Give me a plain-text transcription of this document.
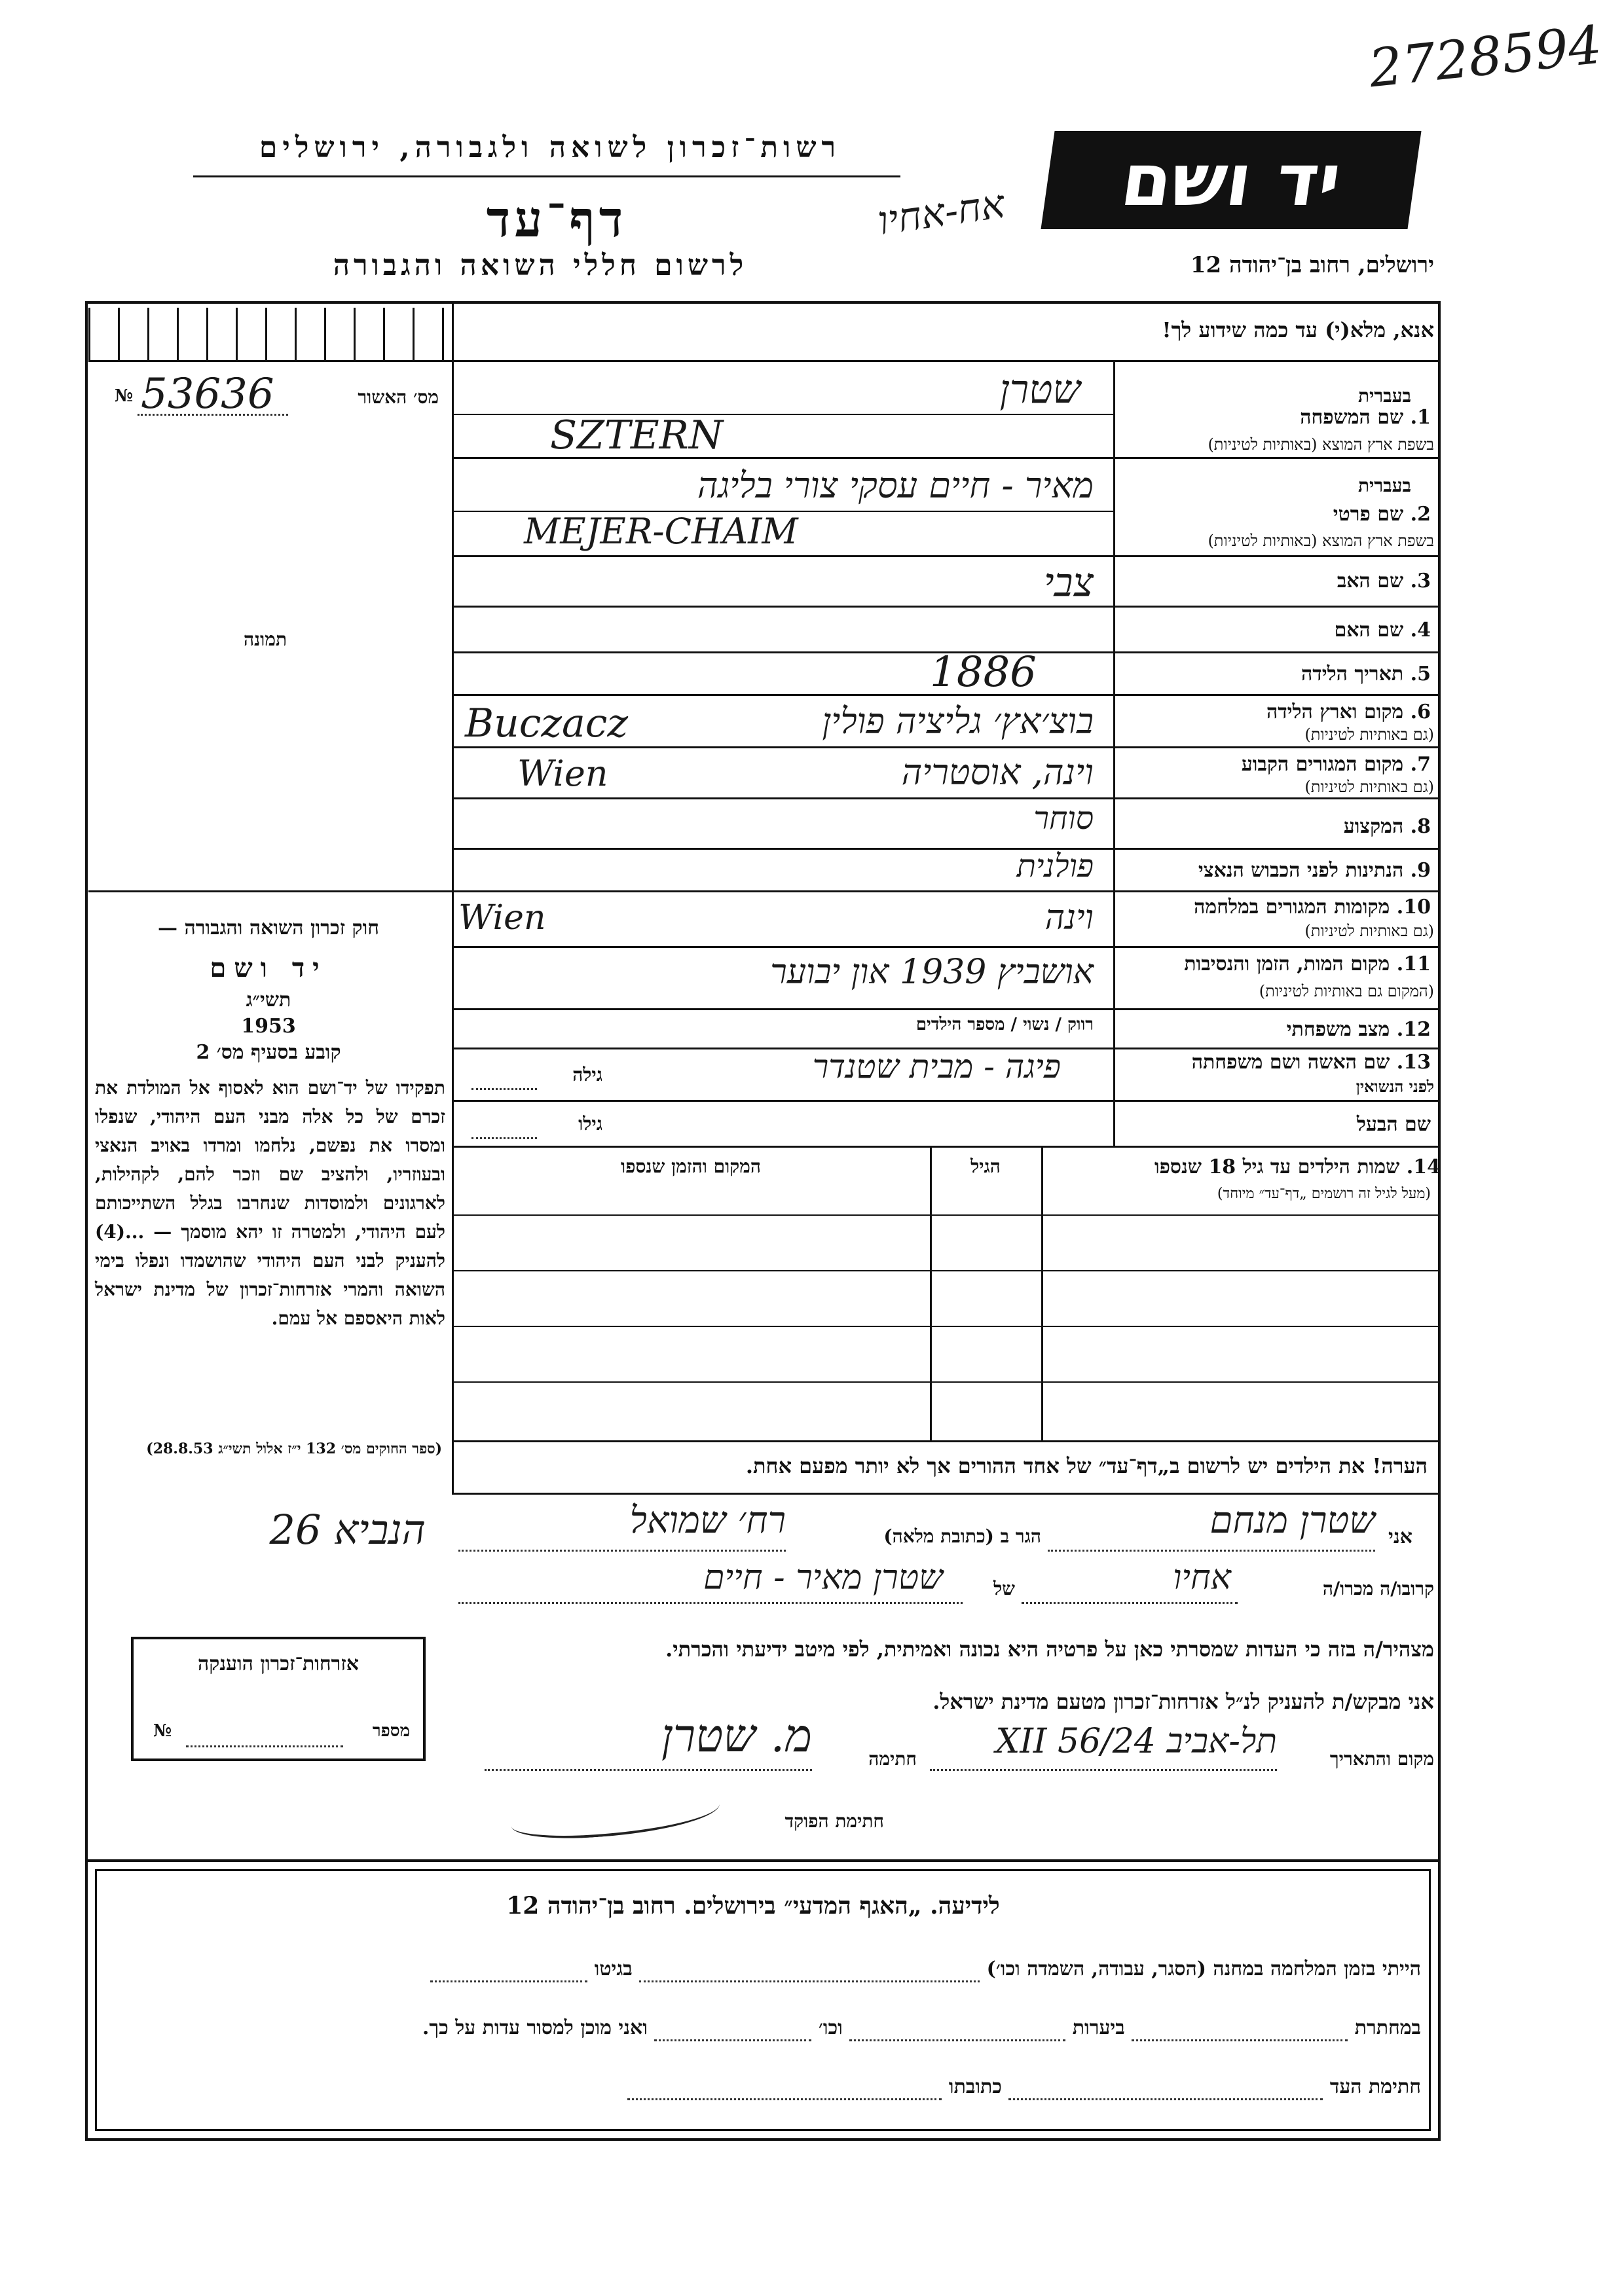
2728594
רשות־זכרון לשואה ולגבורה, ירושלים
דף־עד
לרשום חללי השואה והגבורה
יד ושם
ירושלים, רחוב בן־יהודה 12
אח-אחיו
אנא, מלא(י) עד כמה שידוע לך!
מס׳ האשור
№ 53636
תמונה
חוק זכרון השואה והגבורה —
יד ושם
תשי״ג
1953
קובע בסעיף מס׳ 2
תפקידו של יד־ושם הוא לאסוף אל המולדת את זכרם של כל אלה מבני העם היהודי, שנפלו ומסרו את נפשם, נלחמו ומרדו באויב הנאצי ובעוזריו, ולהציב שם וזכר להם, לקהילות, לארגונים ולמוסדות שנחרבו בגלל השתייכותם לעם היהודי, ולמטרה זו יהא מוסמך — ...(4) להעניק לבני העם היהודי שהושמדו ונפלו בימי השואה והמרי אזרחות־זכרון של מדינת ישראל לאות היאספם אל עמם.
(ספר החוקים מס׳ 132 י״ז אלול תשי״ג 28.8.53)
בעברית
1. שם המשפחה
בשפת ארץ המוצא (באותיות לטיניות)
שטרן
SZTERN
בעברית
2. שם פרטי
בשפת ארץ המוצא (באותיות לטיניות)
מאיר - חיים עסקי צורי בליגה
MEJER-CHAIM
3. שם האב
צבי
4. שם האם
5. תאריך הלידה
1886
6. מקום וארץ הלידה
(גם באותיות לטיניות)
בוצ׳אץ׳ גליציה פולין
Buczacz
7. מקום המגורים הקבוע
(גם באותיות לטיניות)
וינה, אוסטריה
Wien
8. המקצוע
סוחר
9. הנתינות לפני הכבוש הנאצי
פולנית
10. מקומות המגורים במלחמה
(גם באותיות לטיניות)
וינה
Wien
11. מקום המות, הזמן והנסיבות
(המקום גם באותיות לטיניות)
אושביץ 1939 און יבוער
12. מצב משפחתי
רווק / נשוי / מספר הילדים
13. שם האשה ושם משפחתה
לפני הנשואין
פיגה - מבית שטנדר
גילה
שם הבעל
גילו
14. שמות הילדים עד גיל 18 שנספו
(מעל לגיל זה רושמים „דף־עד״ מיוחד)
הגיל
המקום והזמן שנספו
הערה! את הילדים יש לרשום ב„דף־עד״ של אחד ההורים אך לא יותר מפעם אחת.
אני
שטרן מנחם
הגר ב (כתובת מלאה)
רח׳ שמואל
קרובו/ה מכרו/ה
אחיו
של
שטרן מאיר - חיים
מצהיר/ה בזה כי העדות שמסרתי כאן על פרטיה היא נכונה ואמיתית, לפי מיטב ידיעתי והכרתי.
אני מבקש/ת להעניק לנ״ל אזרחות־זכרון מטעם מדינת ישראל.
מקום והתאריך
תל-אביב 24/XII 56
חתימה
מ. שטרן
חתימת הפוקד
הנביא 26
אזרחות־זכרון הוענקה
מספר
№
לידיעה. „האגף המדעי״ בירושלים. רחוב בן־יהודה 12
הייתי בזמן המלחמה במחנה (הסגר, עבודה, השמדה וכו׳)   בגיטו
במחתרת   ביערות   וכו׳   ואני מוכן למסור עדות על כך.
חתימת העד   כתובתו
